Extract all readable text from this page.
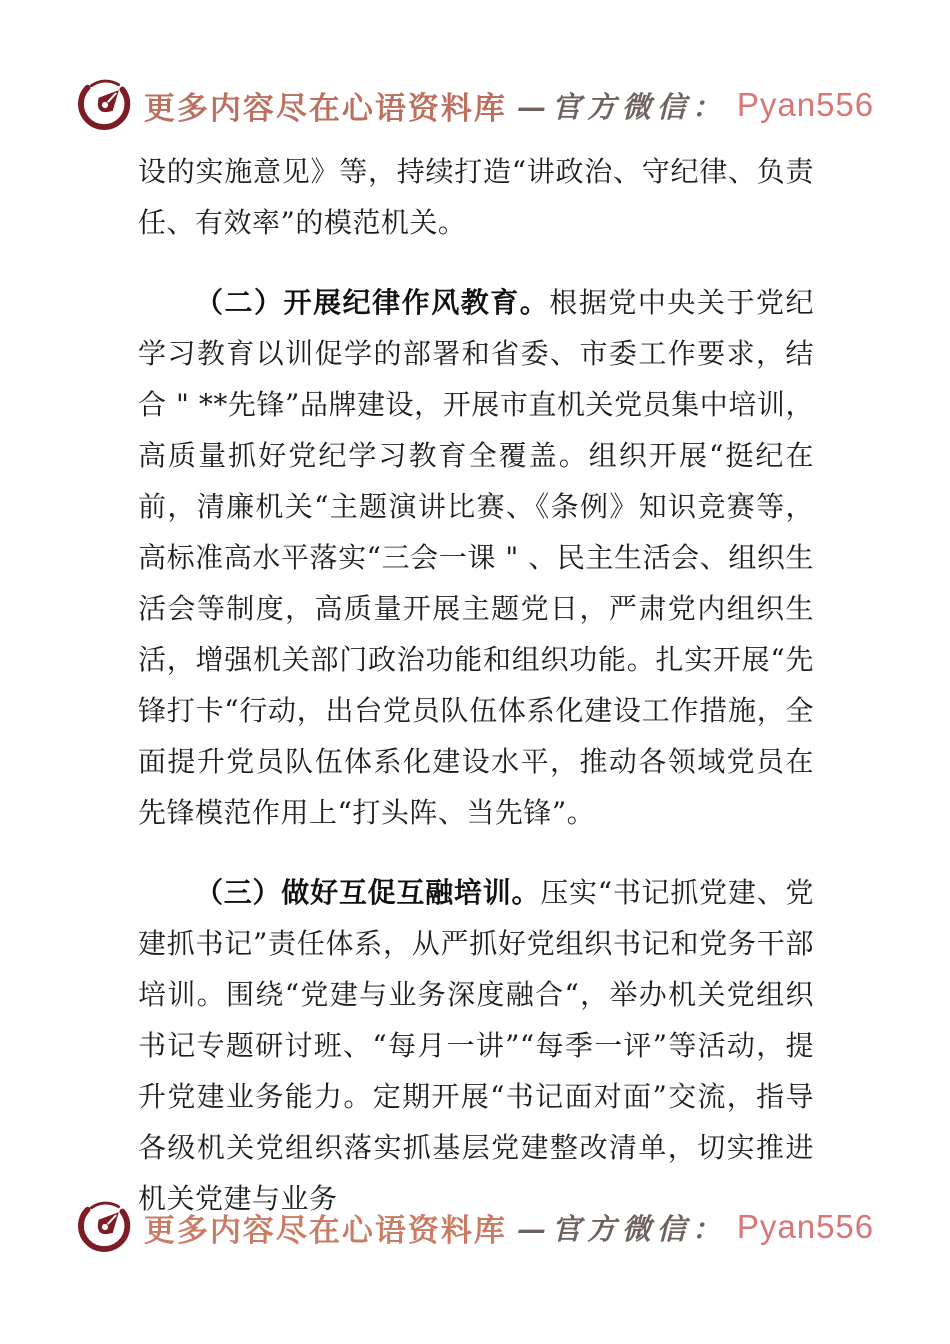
更多内容尽在心语资料库 —官方微信： Pyan556

设的实施意见》等，持续打造“讲政治、守纪律、负责任、有效率”的模范机关。

（二）开展纪律作风教育。根据党中央关于党纪学习教育以训促学的部署和省委、市委工作要求，结合 " **先锋”品牌建设，开展市直机关党员集中培训，高质量抓好党纪学习教育全覆盖。组织开展“挺纪在前，清廉机关“主题演讲比赛、《条例》知识竞赛等，高标准高水平落实“三会一课 " 、民主生活会、组织生活会等制度，高质量开展主题党日，严肃党内组织生活，增强机关部门政治功能和组织功能。扎实开展“先锋打卡“行动，出台党员队伍体系化建设工作措施，全面提升党员队伍体系化建设水平，推动各领域党员在先锋模范作用上“打头阵、当先锋”。

（三）做好互促互融培训。压实“书记抓党建、党建抓书记”责任体系，从严抓好党组织书记和党务干部培训。围绕“党建与业务深度融合“，举办机关党组织书记专题研讨班、“每月一讲”“每季一评”等活动，提升党建业务能力。定期开展“书记面对面”交流，指导各级机关党组织落实抓基层党建整改清单，切实推进机关党建与业务

更多内容尽在心语资料库 —官方微信： Pyan556
